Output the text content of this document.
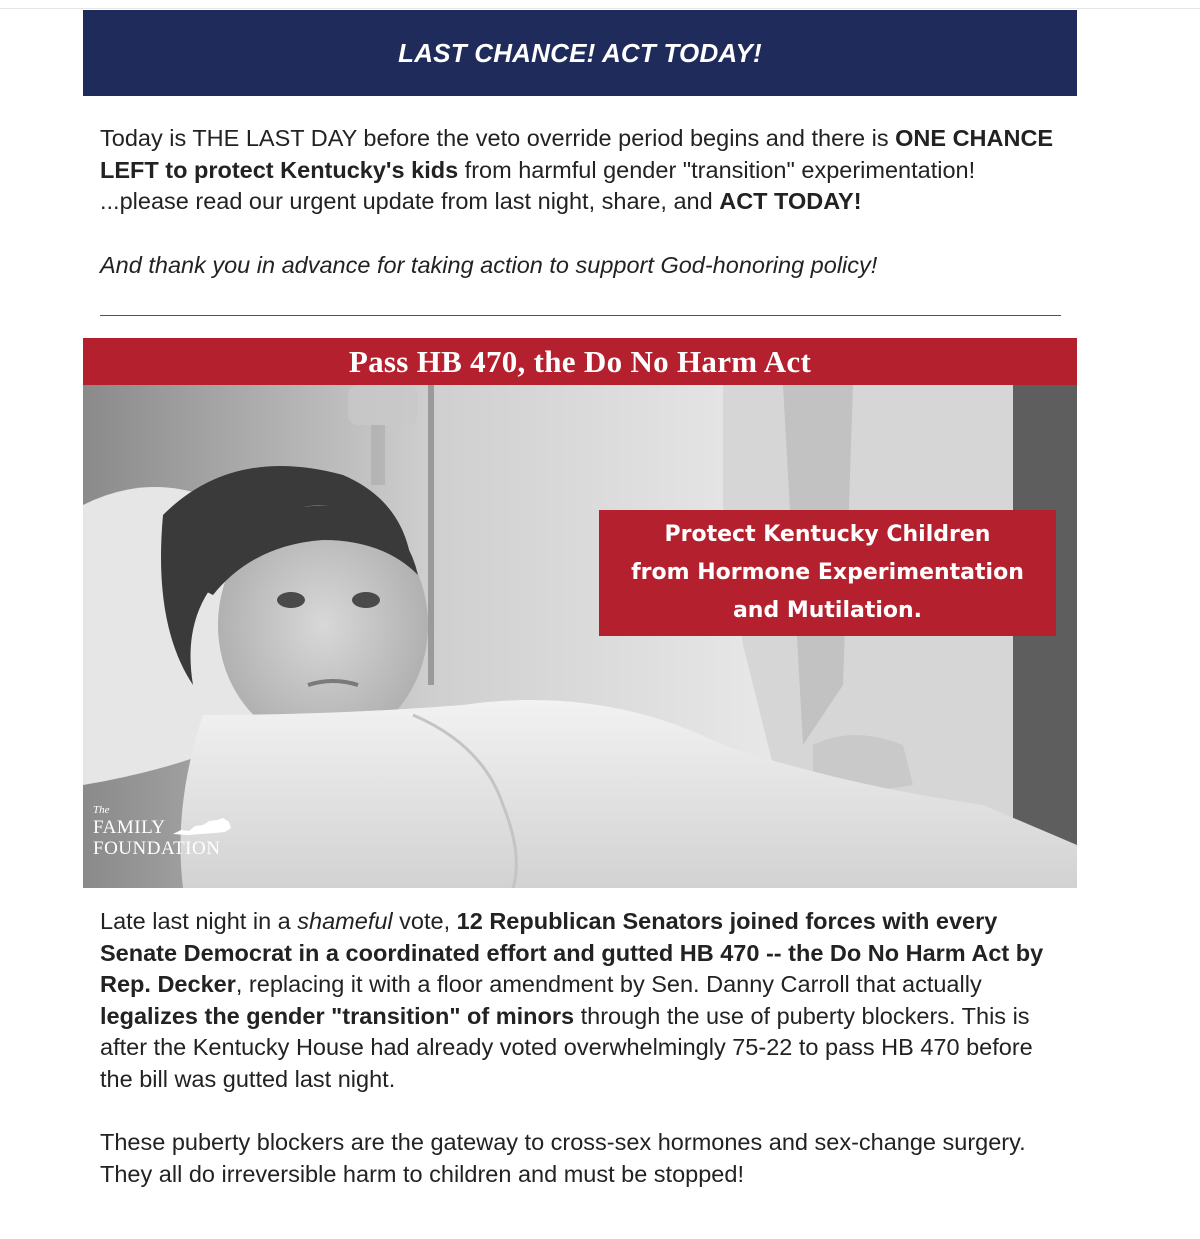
LAST CHANCE! ACT TODAY!

Today is THE LAST DAY before the veto override period begins and there is ONE CHANCE LEFT to protect Kentucky's kids from harmful gender "transition" experimentation! ...please read our urgent update from last night, share, and ACT TODAY!

And thank you in advance for taking action to support God-honoring policy!

Pass HB 470, the Do No Harm Act
Protect Kentucky Children
from Hormone Experimentation
and Mutilation.
The
FAMILY
FOUNDATION

Late last night in a shameful vote, 12 Republican Senators joined forces with every Senate Democrat in a coordinated effort and gutted HB 470 -- the Do No Harm Act by Rep. Decker, replacing it with a floor amendment by Sen. Danny Carroll that actually legalizes the gender "transition" of minors through the use of puberty blockers. This is after the Kentucky House had already voted overwhelmingly 75-22 to pass HB 470 before the bill was gutted last night.

These puberty blockers are the gateway to cross-sex hormones and sex-change surgery. They all do irreversible harm to children and must be stopped!
